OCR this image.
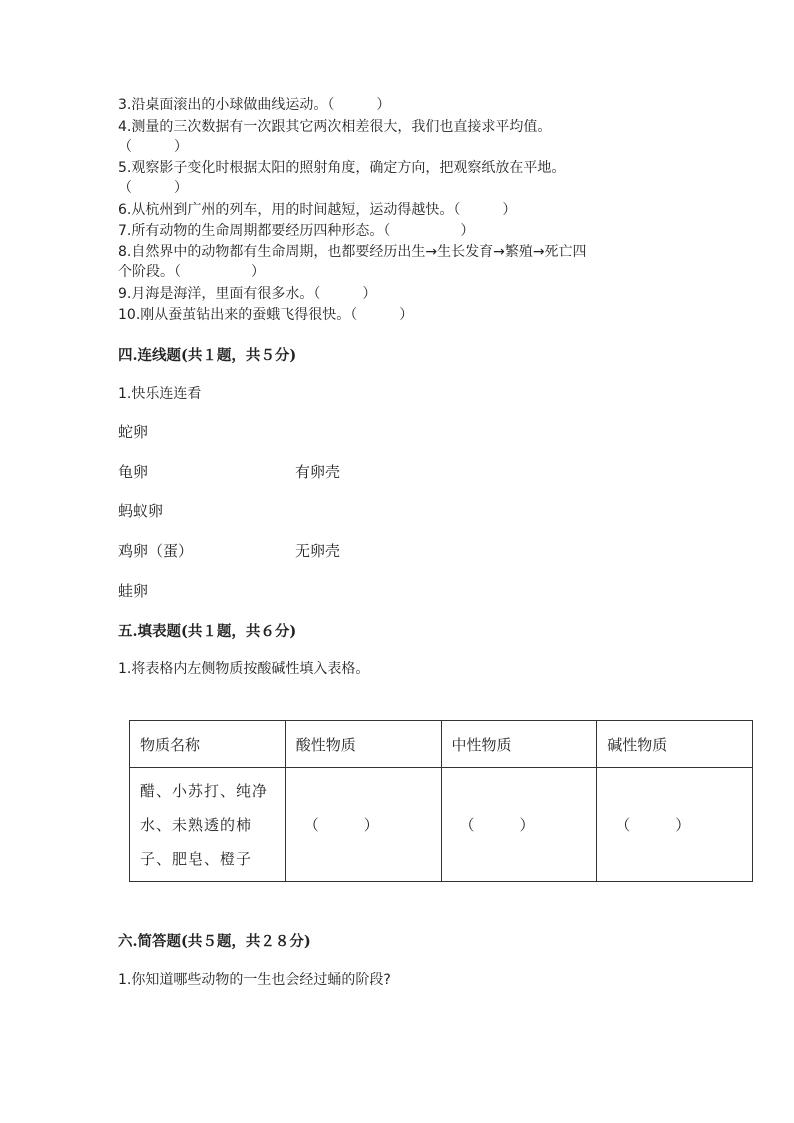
3.沿桌面滚出的小球做曲线运动。（　　　）
4.测量的三次数据有一次跟其它两次相差很大，我们也直接求平均值。
（　　　）
5.观察影子变化时根据太阳的照射角度，确定方向，把观察纸放在平地。
（　　　）
6.从杭州到广州的列车，用的时间越短，运动得越快。（　　　）
7.所有动物的生命周期都要经历四种形态。（　　　　　）
8.自然界中的动物都有生命周期，也都要经历出生→生长发育→繁殖→死亡四
个阶段。（　　　　　）
9.月海是海洋，里面有很多水。（　　　）
10.刚从蚕茧钻出来的蚕蛾飞得很快。（　　　）
四.连线题(共１题，共５分)
1.快乐连连看
蛇卵
龟卵	有卵壳
蚂蚁卵
鸡卵（蛋）	无卵壳
蛙卵
五.填表题(共１题，共６分)
1.将表格内左侧物质按酸碱性填入表格。
物质名称	酸性物质	中性物质	碱性物质

醋、小苏打、纯净
水、未熟透的柿
子、肥皂、橙子	（　　　）	（　　　）	（　　　）
六.简答题(共５题，共２８分)
1.你知道哪些动物的一生也会经过蛹的阶段?
